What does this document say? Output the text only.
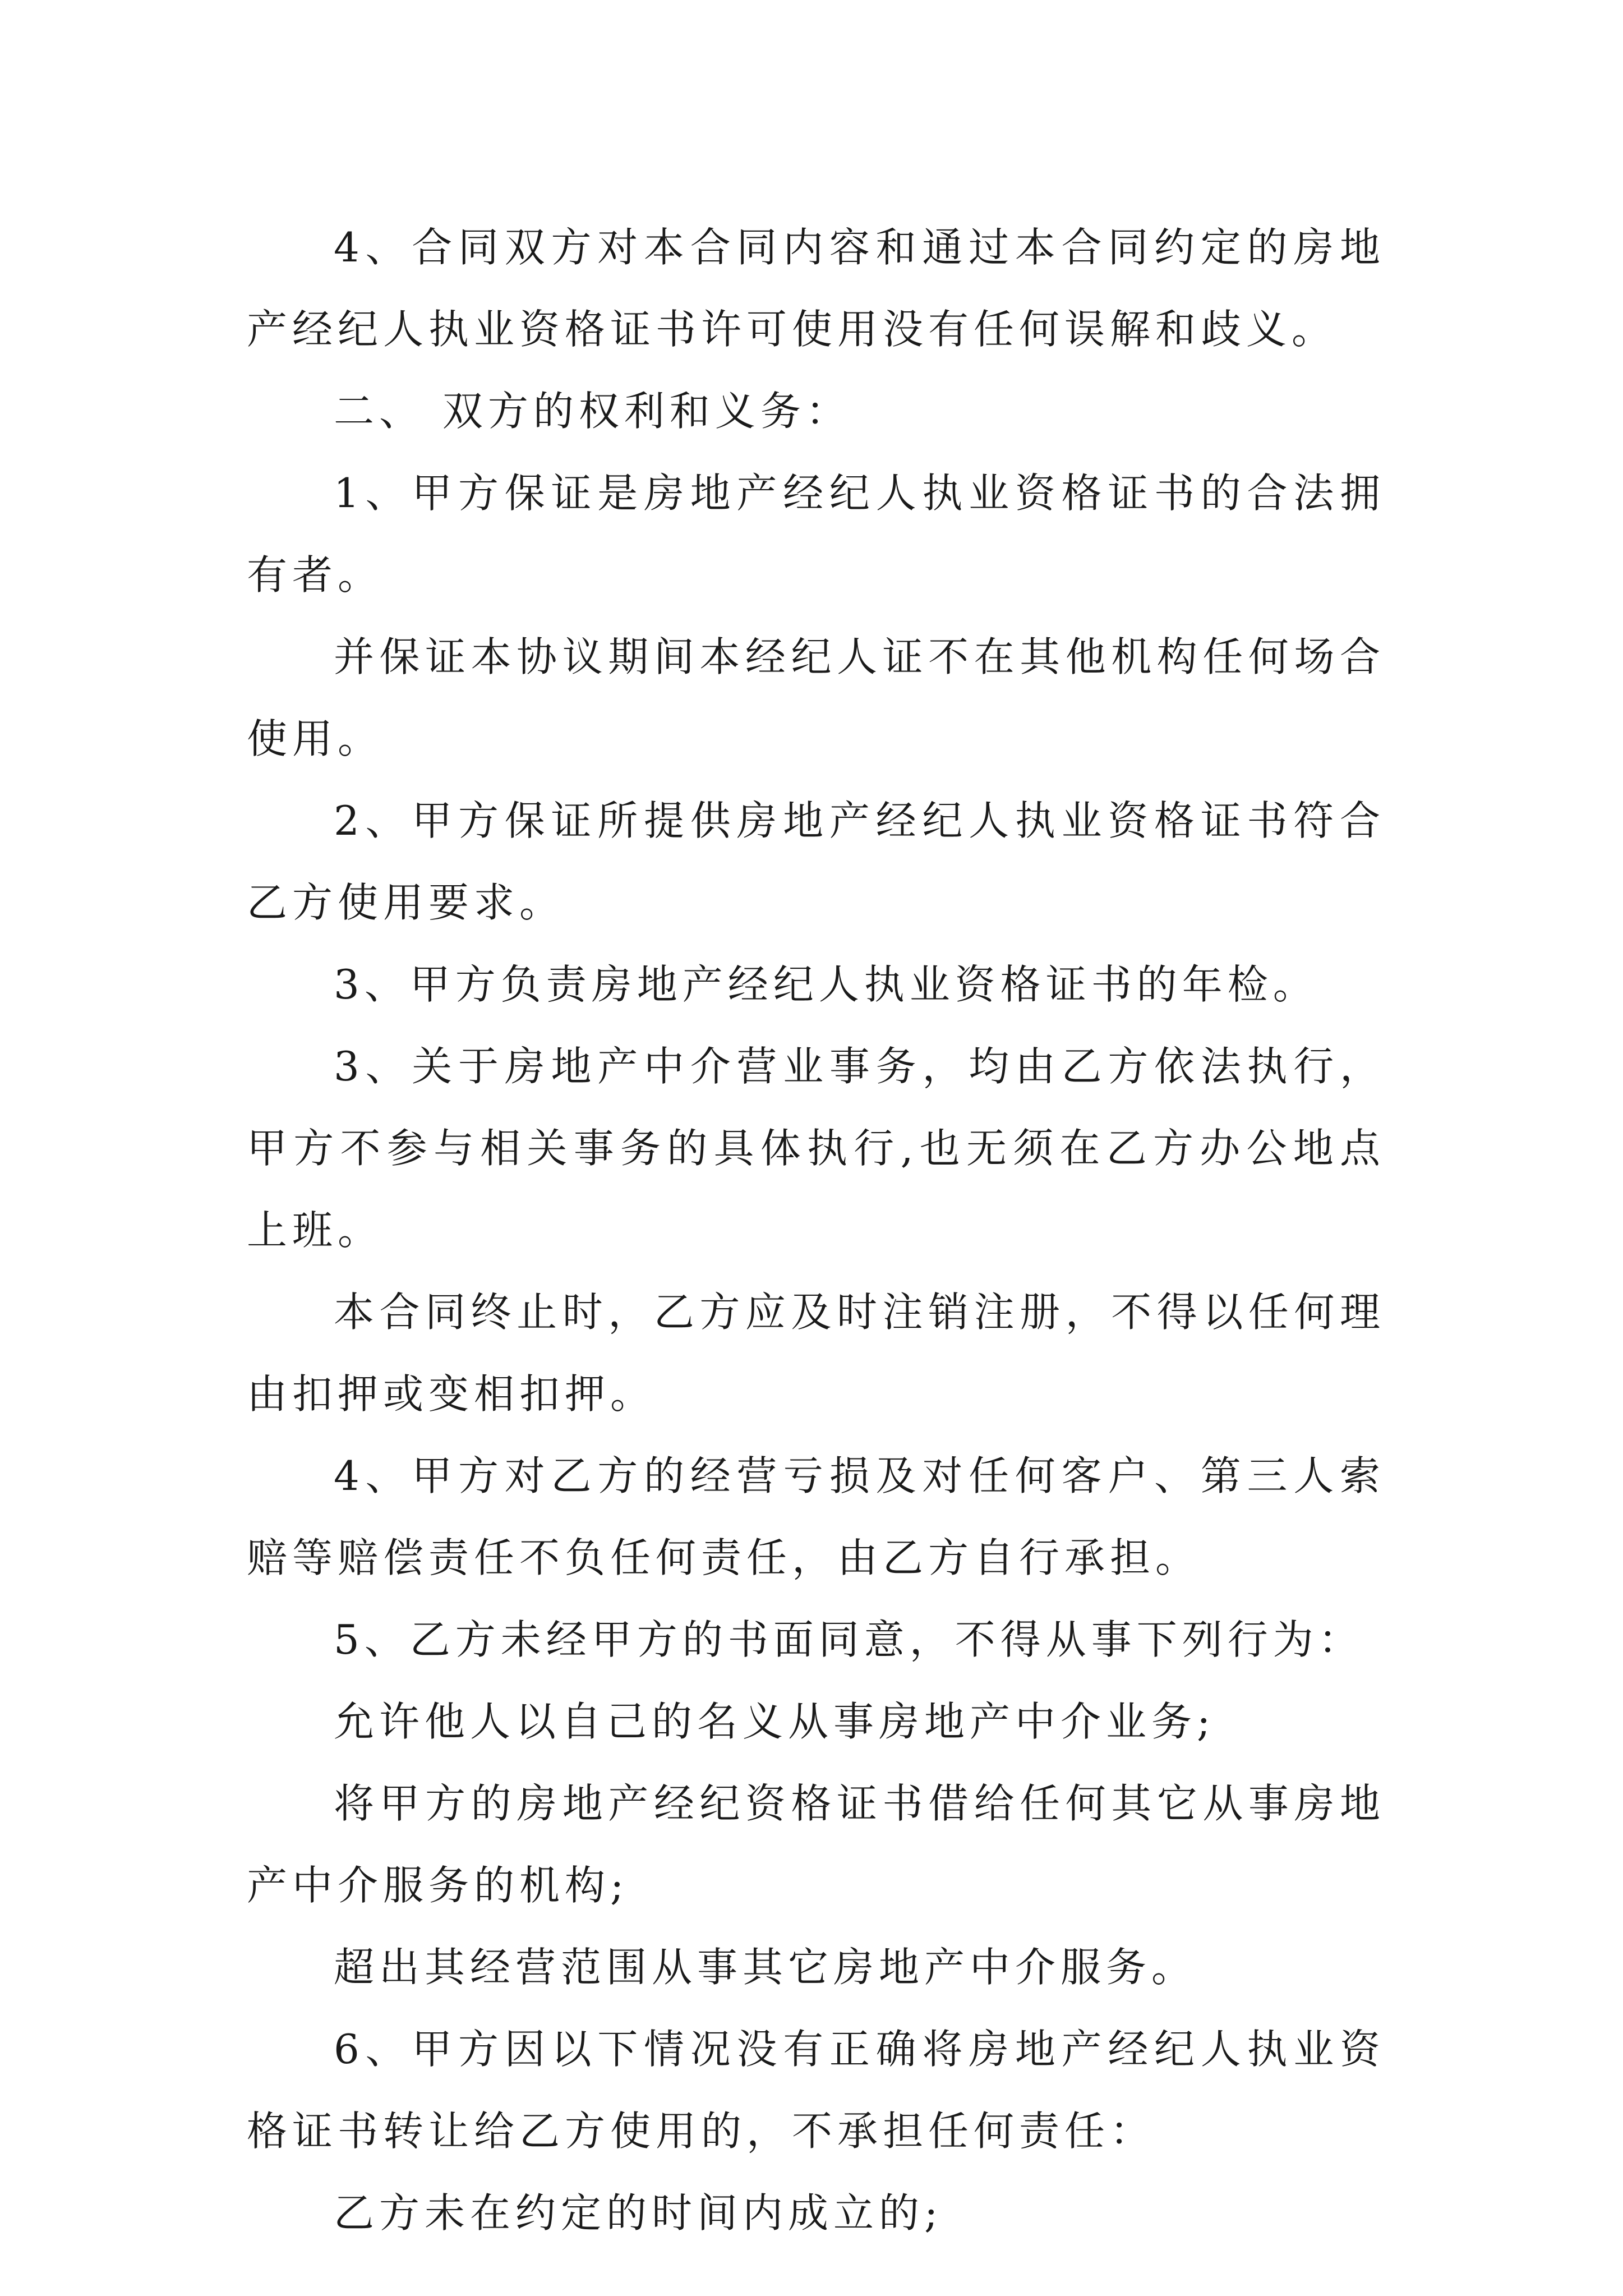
4、合同双方对本合同内容和通过本合同约定的房地产经纪人执业资格证书许可使用没有任何误解和歧义。

二、 双方的权利和义务：

1、甲方保证是房地产经纪人执业资格证书的合法拥有者。

并保证本协议期间本经纪人证不在其他机构任何场合使用。

2、甲方保证所提供房地产经纪人执业资格证书符合乙方使用要求。

3、甲方负责房地产经纪人执业资格证书的年检。

3、关于房地产中介营业事务，均由乙方依法执行，甲方不参与相关事务的具体执行,也无须在乙方办公地点上班。

本合同终止时，乙方应及时注销注册，不得以任何理由扣押或变相扣押。

4、甲方对乙方的经营亏损及对任何客户、第三人索赔等赔偿责任不负任何责任，由乙方自行承担。

5、乙方未经甲方的书面同意，不得从事下列行为：

允许他人以自己的名义从事房地产中介业务;

将甲方的房地产经纪资格证书借给任何其它从事房地产中介服务的机构;

超出其经营范围从事其它房地产中介服务。

6、甲方因以下情况没有正确将房地产经纪人执业资格证书转让给乙方使用的，不承担任何责任：

乙方未在约定的时间内成立的;
